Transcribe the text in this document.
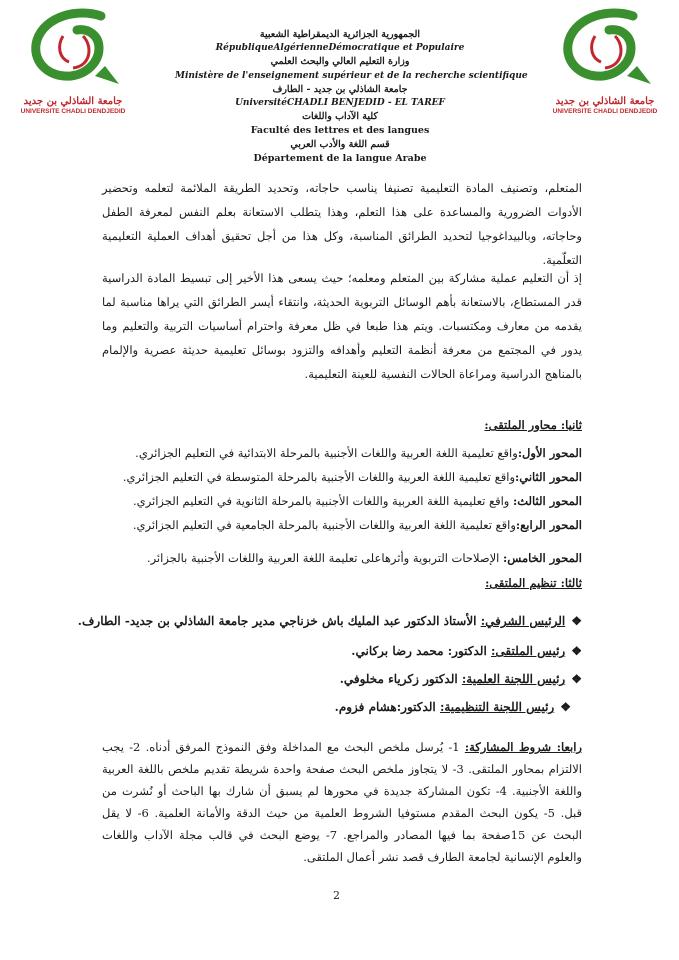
جامعة الشاذلي بن جديد
UNIVERSITE CHADLI DENDJEDID
جامعة الشاذلي بن جديد
UNIVERSITE CHADLI DENDJEDID
الجمهورية الجزائرية الديمقراطية الشعبية
RépubliqueAlgérienneDémocratique et Populaire
وزارة التعليم العالي والبحث العلمي
Ministère de l'enseignement supérieur et de la recherche scientifique
جامعة الشاذلي بن جديد - الطارف
UniversitéCHADLI BENJEDID - EL TAREF
كلية الآداب واللغات
Faculté des lettres et des langues
قسم اللغة والأدب العربي
Département de la langue Arabe
المتعلم، وتصنيف المادة التعليمية تصنيفا يناسب حاجاته، وتحديد الطريقة الملائمة لتعلمه وتحضير الأدوات الضرورية والمساعدة على هذا التعلم، وهذا يتطلب الاستعانة بعلم النفس لمعرفة الطفل وحاجاته، وبالبيداغوجيا لتحديد الطرائق المناسبة، وكل هذا من أجل تحقيق أهداف العملية التعليمية التعلّمية.
إذ أن التعليم عملية مشاركة بين المتعلم ومعلمه؛ حيث يسعى هذا الأخير إلى تبسيط المادة الدراسية قدر المستطاع، بالاستعانة بأهم الوسائل التربوية الحديثة، وانتقاء أيسر الطرائق التي يراها مناسبة لما يقدمه من معارف ومكتسبات. ويتم هذا طبعا في ظل معرفة واحترام أساسيات التربية والتعليم وما يدور في المجتمع من معرفة أنظمة التعليم وأهدافه والتزود بوسائل تعليمية حديثة عصرية والإلمام بالمناهج الدراسية ومراعاة الحالات النفسية للعينة التعليمية.
ثانيا: محاور الملتقى:
المحور الأول:واقع تعليمية اللغة العربية واللغات الأجنبية بالمرحلة الابتدائية في التعليم الجزائري.
المحور الثاني:واقع تعليمية اللغة العربية واللغات الأجنبية بالمرحلة المتوسطة في التعليم الجزائري.
المحور الثالث: واقع تعليمية اللغة العربية واللغات الأجنبية بالمرحلة الثانوية في التعليم الجزائري.
المحور الرابع:واقع تعليمية اللغة العربية واللغات الأجنبية بالمرحلة الجامعية في التعليم الجزائري.
المحور الخامس: الإصلاحات التربوية وأثرهاعلى تعليمة اللغة العربية واللغات الأجنبية بالجزائر.
ثالثا: تنظيم الملتقى:
❖الرئيس الشرفي: الأستاذ الدكتور عبد المليك باش خزناجي مدير جامعة الشاذلي بن جديد- الطارف.
❖رئيس الملتقى: الدكتور: محمد رضا بركاني.
❖رئيس اللجنة العلمية: الدكتور زكرياء مخلوفي.
❖رئيس اللجنة التنظيمية: الدكتور:هشام فزوم.
رابعا: شروط المشاركة: 1- يُرسل ملخص البحث مع المداخلة وفق النموذج المرفق أدناه. 2- يجب الالتزام بمحاور الملتقى. 3- لا يتجاوز ملخص البحث صفحة واحدة شريطة تقديم ملخص باللغة العربية واللغة الأجنبية. 4- تكون المشاركة جديدة في محورها لم يسبق أن شارك بها الباحث أو نُشرت من قبل. 5- يكون البحث المقدم مستوفيا الشروط العلمية من حيث الدقة والأمانة العلمية. 6- لا يقل البحث عن 15صفحة بما فيها المصادر والمراجع. 7- يوضع البحث في قالب مجلة الآداب واللغات والعلوم الإنسانية لجامعة الطارف قصد نشر أعمال الملتقى.
2
